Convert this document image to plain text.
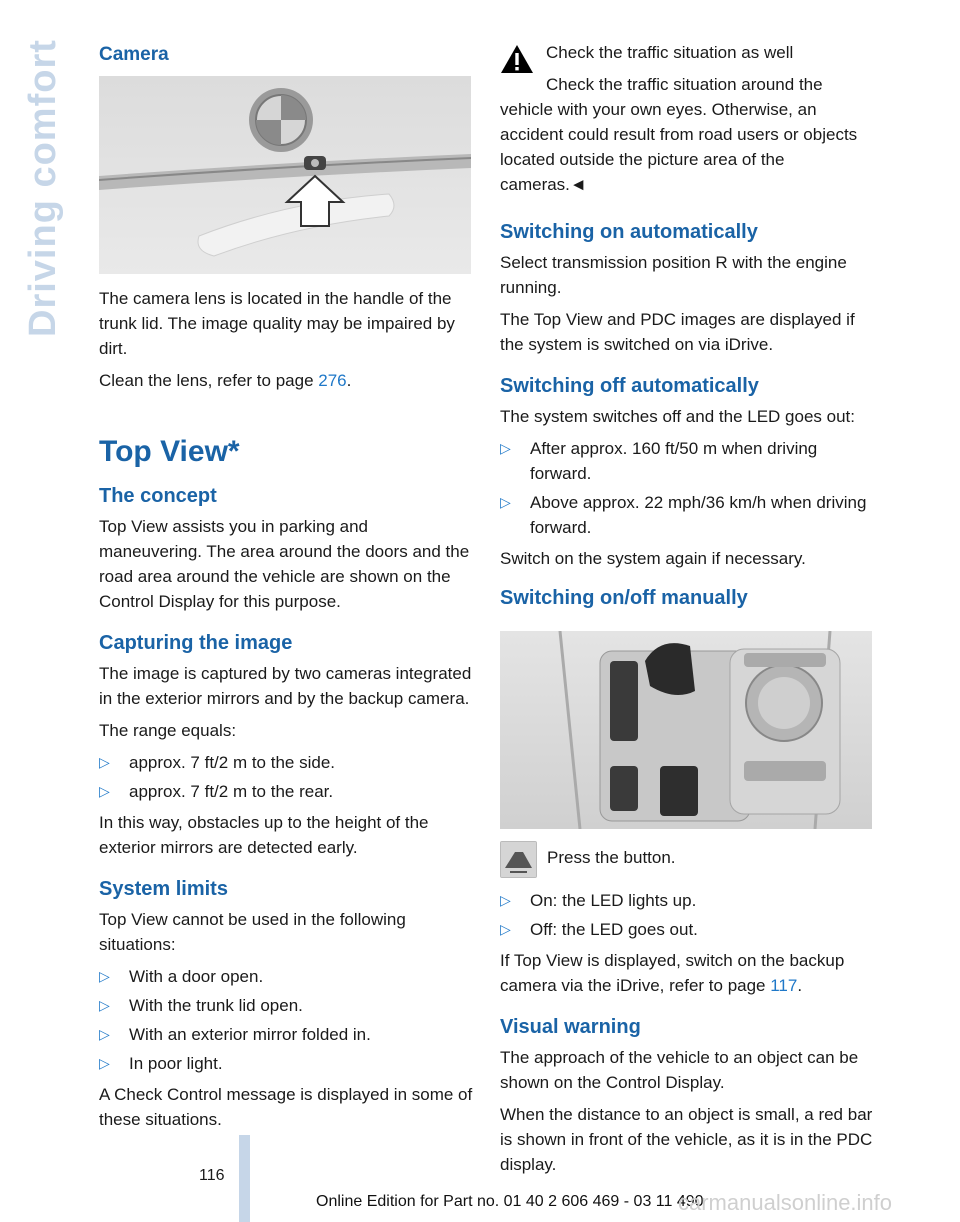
Driving comfort Camera

The camera lens is located in the handle of the trunk lid. The image quality may be impaired by dirt.

Clean the lens, refer to page 276.

Top View*
The concept

Top View assists you in parking and maneuvering. The area around the doors and the road area around the vehicle are shown on the Control Display for this purpose.

Capturing the image

The image is captured by two cameras integrated in the exterior mirrors and by the backup camera.

The range equals:

▷ approx. 7 ft/2 m to the side.
▷ approx. 7 ft/2 m to the rear.

In this way, obstacles up to the height of the exterior mirrors are detected early.

System limits

Top View cannot be used in the following situations:

▷ With a door open.
▷ With the trunk lid open.
▷ With an exterior mirror folded in.
▷ In poor light.

A Check Control message is displayed in some of these situations.

Check the traffic situation as well

Check the traffic situation around the vehicle with your own eyes. Otherwise, an accident could result from road users or objects located outside the picture area of the cameras.◄

Switching on automatically

Select transmission position R with the engine running.

The Top View and PDC images are displayed if the system is switched on via iDrive.

Switching off automatically

The system switches off and the LED goes out:

▷ After approx. 160 ft/50 m when driving forward.
▷ Above approx. 22 mph/36 km/h when driving forward.

Switch on the system again if necessary.

Switching on/off manually

Press the button.

▷ On: the LED lights up.
▷ Off: the LED goes out.

If Top View is displayed, switch on the backup camera via the iDrive, refer to page 117.

Visual warning

The approach of the vehicle to an object can be shown on the Control Display.

When the distance to an object is small, a red bar is shown in front of the vehicle, as it is in the PDC display.

116
Online Edition for Part no. 01 40 2 606 469 - 03 11 490
carmanualsonline.info
